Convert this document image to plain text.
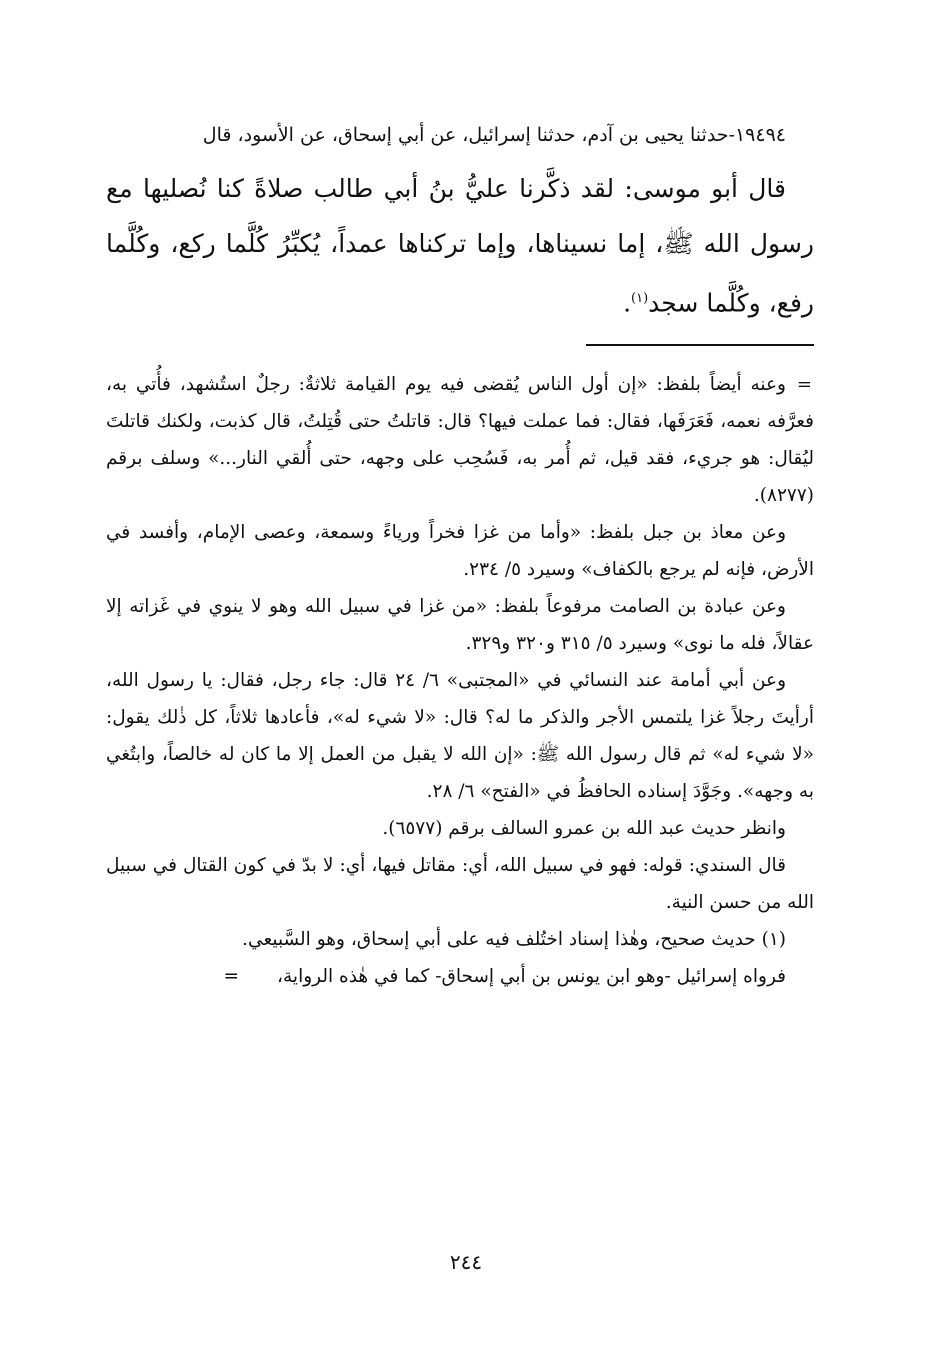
١٩٤٩٤-حدثنا يحيى بن آدم، حدثنا إسرائيل، عن أبي إسحاق، عن الأسود، قال

قال أبو موسى: لقد ذكَّرنا عليُّ بنُ أبي طالب صلاةً كنا نُصليها مع رسول الله ﷺ، إما نسيناها، وإما تركناها عمداً، يُكبِّرُ كُلَّما ركع، وكُلَّما رفع، وكُلَّما سجد$^{(١)}$.

=
وعنه أيضاً بلفظ: «إن أول الناس يُقضى فيه يوم القيامة ثلاثةٌ: رجلٌ استُشهد، فأُتي به، فعرَّفه نعمه، فَعَرَفَها، فقال: فما عملت فيها؟ قال: قاتلتُ حتى قُتِلتُ، قال كذبت، ولكنك قاتلتَ ليُقال: هو جريء، فقد قيل، ثم أُمر به، فَسُحِب على وجهه، حتى أُلقي النار...» وسلف برقم (٨٢٧٧).

وعن معاذ بن جبل بلفظ: «وأما من غزا فخراً ورياءً وسمعة، وعصى الإمام، وأفسد في الأرض، فإنه لم يرجع بالكفاف» وسيرد ٥/ ٢٣٤.

وعن عبادة بن الصامت مرفوعاً بلفظ: «من غزا في سبيل الله وهو لا ينوي في غَزاته إلا عقالاً، فله ما نوى» وسيرد ٥/ ٣١٥ و٣٢٠ و٣٢٩.

وعن أبي أمامة عند النسائي في «المجتبى» ٦/ ٢٤ قال: جاء رجل، فقال: يا رسول الله، أرأيتَ رجلاً غزا يلتمس الأجر والذكر ما له؟ قال: «لا شيء له»، فأعادها ثلاثاً، كل ذٰلك يقول: «لا شيء له» ثم قال رسول الله ﷺ: «إن الله لا يقبل من العمل إلا ما كان له خالصاً، وابتُغي به وجهه». وجَوَّدَ إسناده الحافظُ في «الفتح» ٦/ ٢٨.

وانظر حديث عبد الله بن عمرو السالف برقم (٦٥٧٧).

قال السندي: قوله: فهو في سبيل الله، أي: مقاتل فيها، أي: لا بدّ في كون القتال في سبيل الله من حسن النية.

(١) حديث صحيح، وهٰذا إسناد اختُلف فيه على أبي إسحاق، وهو السَّبيعي.

فرواه إسرائيل -وهو ابن يونس بن أبي إسحاق- كما في هٰذه الرواية،=

٢٤٤
